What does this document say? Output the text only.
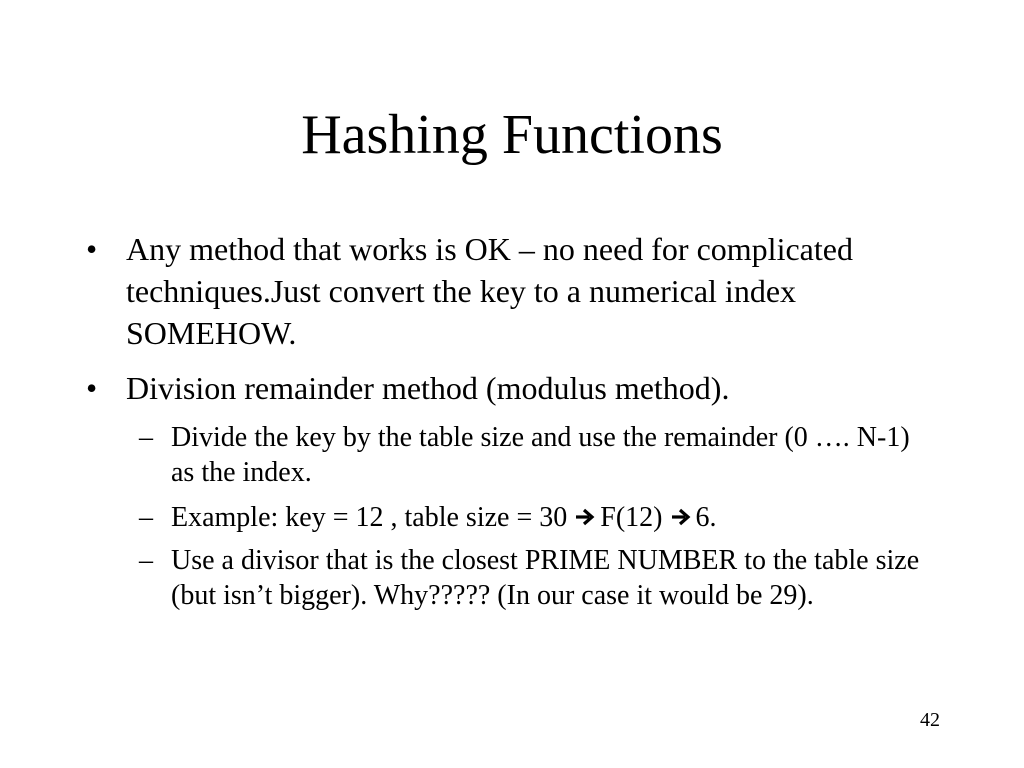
Hashing Functions
• Any method that works is OK – no need for complicated techniques.Just convert the key to a numerical index SOMEHOW.
• Division remainder method (modulus method).
– Divide the key by the table size and use the remainder (0 …. N-1) as the index.
– Example: key = 12 , table size = 30 F(12) 6.
– Use a divisor that is the closest PRIME NUMBER to the table size (but isn’t bigger). Why????? (In our case it would be 29).
42
